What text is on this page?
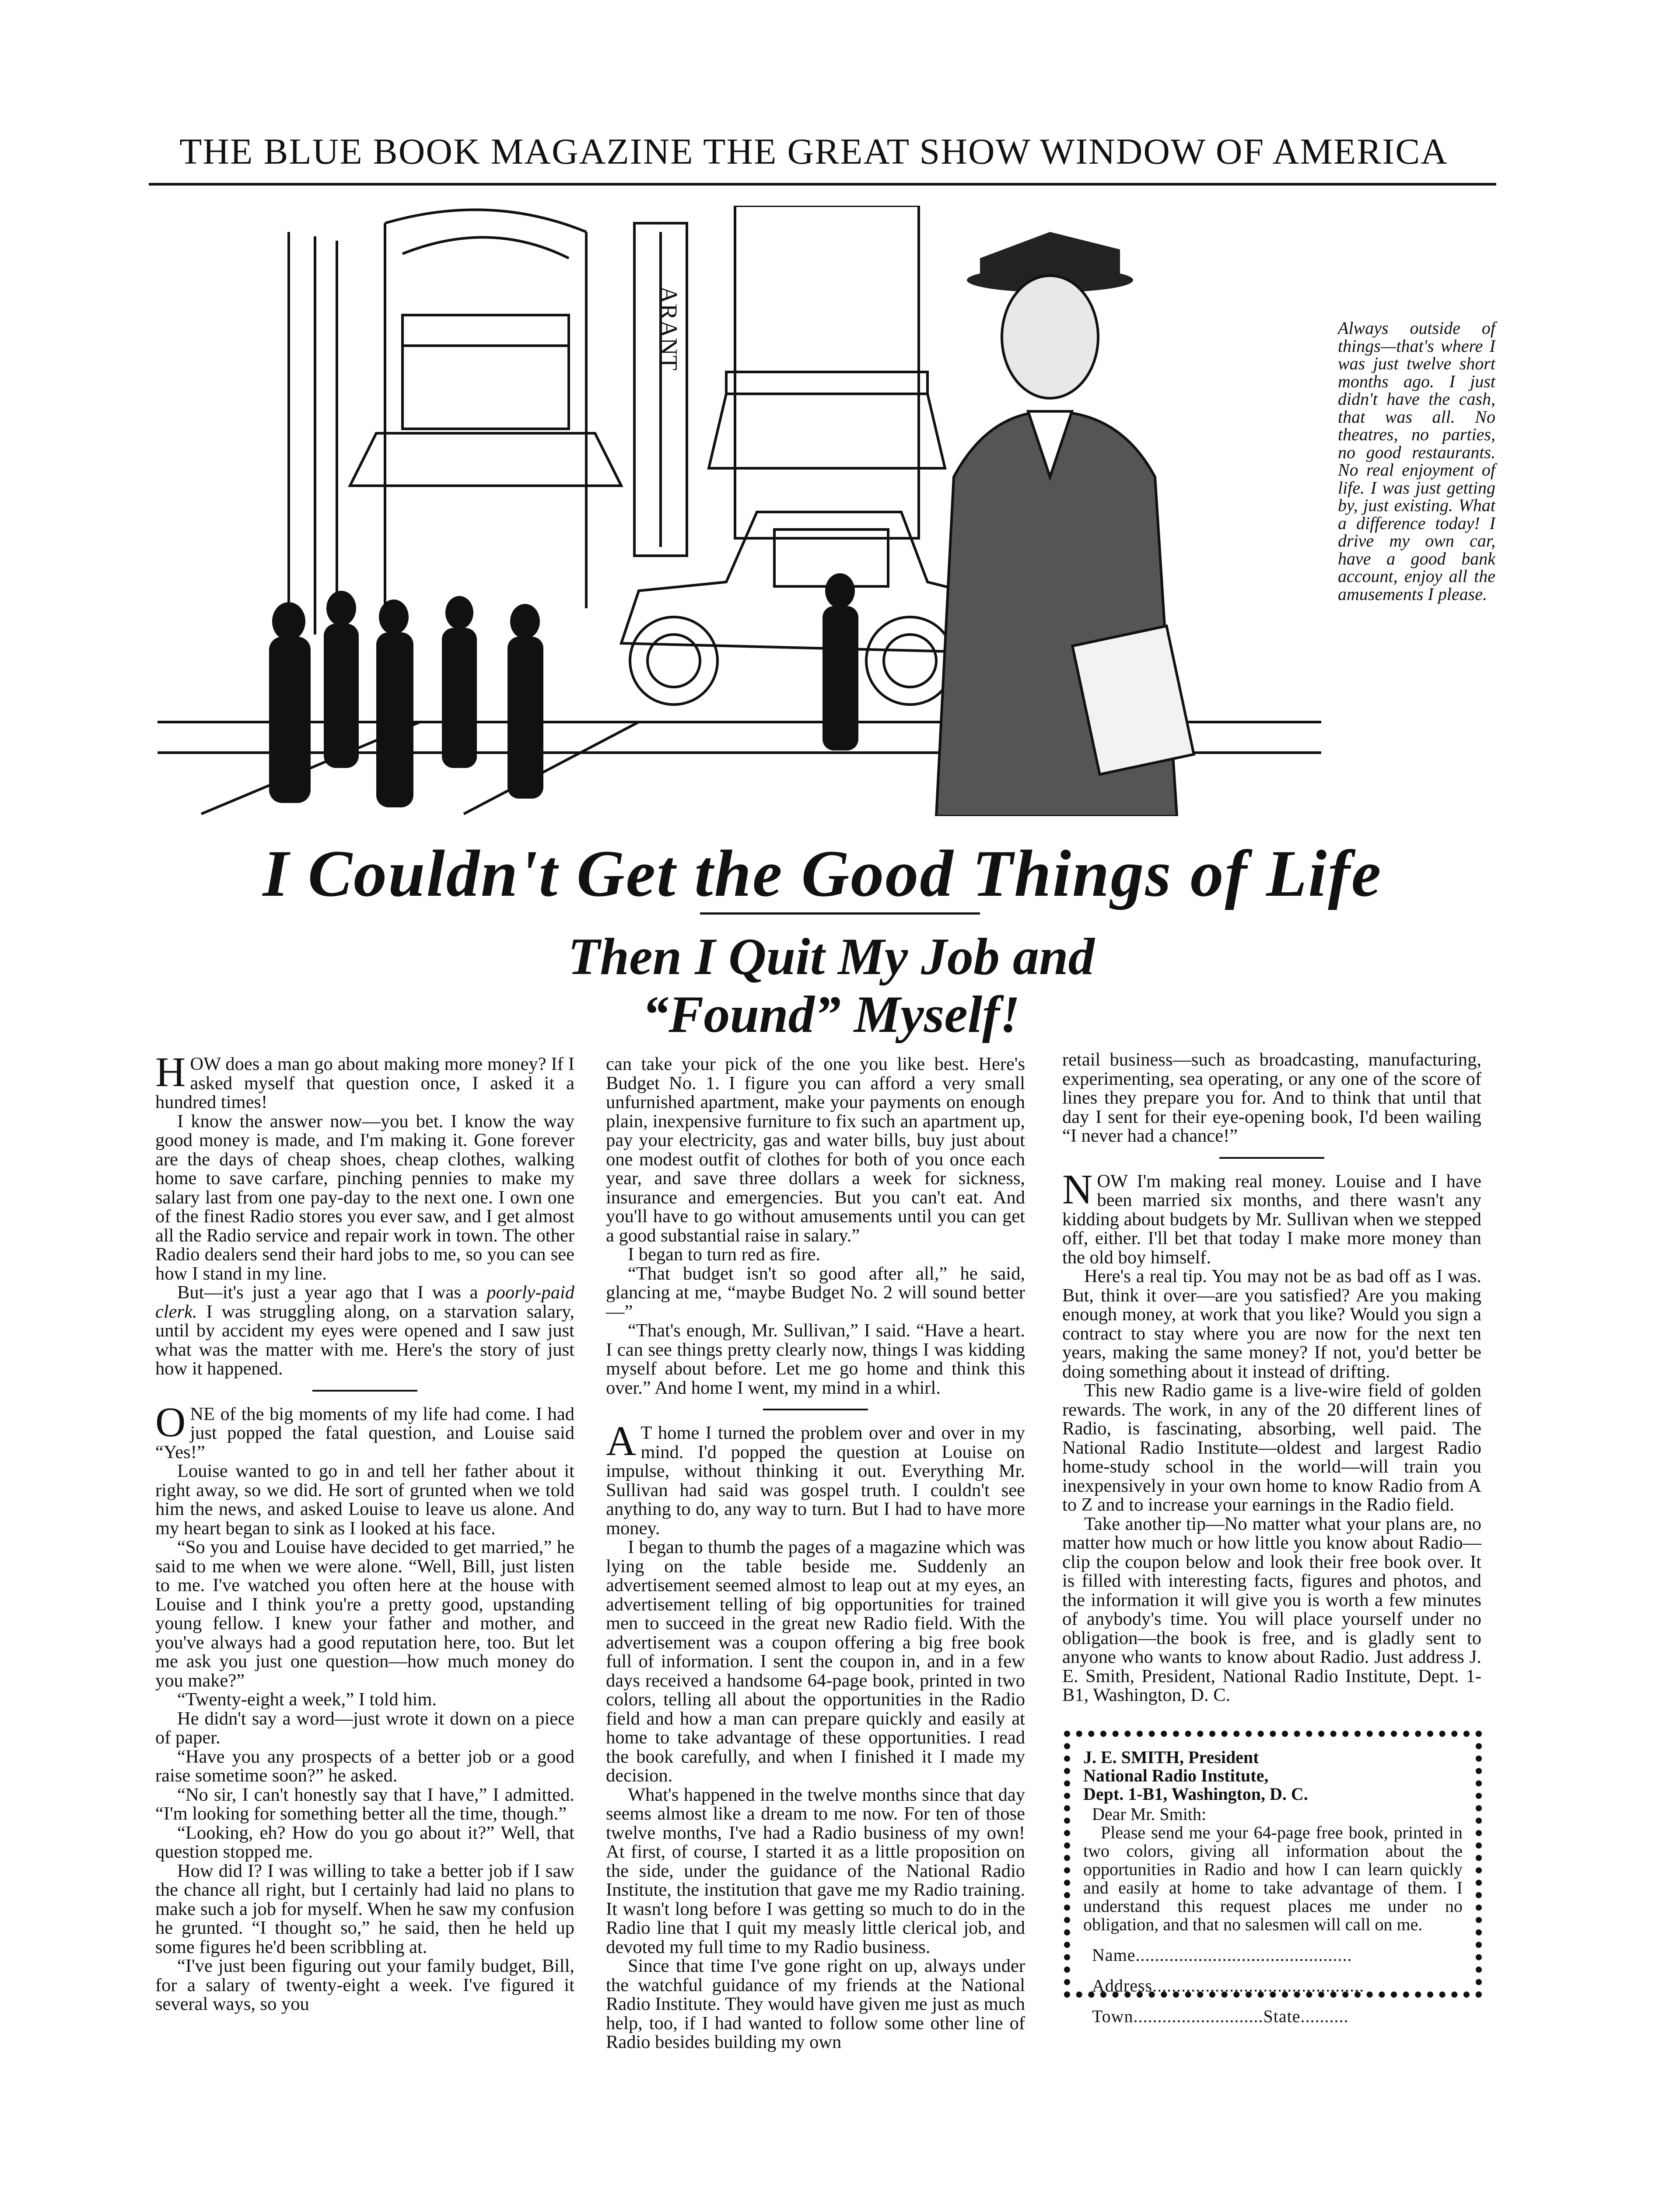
THE BLUE BOOK MAGAZINE THE GREAT SHOW WINDOW OF AMERICA
ARANT	Always outside of things—that's where I was just twelve short months ago. I just didn't have the cash, that was all. No theatres, no parties, no good restaurants. No real enjoyment of life. I was just getting by, just existing. What a difference today! I drive my own car, have a good bank account, enjoy all the amusements I please.

I Couldn't Get the Good Things of Life
Then I Quit My Job and
“Found” Myself!

HOW does a man go about making more money? If I asked myself that question once, I asked it a hundred times!

I know the answer now—you bet. I know the way good money is made, and I'm making it. Gone forever are the days of cheap shoes, cheap clothes, walking home to save carfare, pinching pennies to make my salary last from one pay-day to the next one. I own one of the finest Radio stores you ever saw, and I get almost all the Radio service and repair work in town. The other Radio dealers send their hard jobs to me, so you can see how I stand in my line.

But—it's just a year ago that I was a poorly-paid clerk. I was struggling along, on a starvation salary, until by accident my eyes were opened and I saw just what was the matter with me. Here's the story of just how it happened.

ONE of the big moments of my life had come. I had just popped the fatal question, and Louise said “Yes!”

Louise wanted to go in and tell her father about it right away, so we did. He sort of grunted when we told him the news, and asked Louise to leave us alone. And my heart began to sink as I looked at his face.

“So you and Louise have decided to get married,” he said to me when we were alone. “Well, Bill, just listen to me. I've watched you often here at the house with Louise and I think you're a pretty good, upstanding young fellow. I knew your father and mother, and you've always had a good reputation here, too. But let me ask you just one question—how much money do you make?”

“Twenty-eight a week,” I told him.

He didn't say a word—just wrote it down on a piece of paper.

“Have you any prospects of a better job or a good raise sometime soon?” he asked.

“No sir, I can't honestly say that I have,” I admitted. “I'm looking for something better all the time, though.”

“Looking, eh? How do you go about it?” Well, that question stopped me.

How did I? I was willing to take a better job if I saw the chance all right, but I certainly had laid no plans to make such a job for myself. When he saw my confusion he grunted. “I thought so,” he said, then he held up some figures he'd been scribbling at.

“I've just been figuring out your family budget, Bill, for a salary of twenty-eight a week. I've figured it several ways, so you

can take your pick of the one you like best. Here's Budget No. 1. I figure you can afford a very small unfurnished apartment, make your payments on enough plain, inexpensive furniture to fix such an apartment up, pay your electricity, gas and water bills, buy just about one modest outfit of clothes for both of you once each year, and save three dollars a week for sickness, insurance and emergencies. But you can't eat. And you'll have to go without amusements until you can get a good substantial raise in salary.”

I began to turn red as fire.

“That budget isn't so good after all,” he said, glancing at me, “maybe Budget No. 2 will sound better—”

“That's enough, Mr. Sullivan,” I said. “Have a heart. I can see things pretty clearly now, things I was kidding myself about before. Let me go home and think this over.” And home I went, my mind in a whirl.

A T home I turned the problem over and over in my mind. I'd popped the question at Louise on impulse, without thinking it out. Everything Mr. Sullivan had said was gospel truth. I couldn't see anything to do, any way to turn. But I had to have more money.

I began to thumb the pages of a magazine which was lying on the table beside me. Suddenly an advertisement seemed almost to leap out at my eyes, an advertisement telling of big opportunities for trained men to succeed in the great new Radio field. With the advertisement was a coupon offering a big free book full of information. I sent the coupon in, and in a few days received a handsome 64-page book, printed in two colors, telling all about the opportunities in the Radio field and how a man can prepare quickly and easily at home to take advantage of these opportunities. I read the book carefully, and when I finished it I made my decision.

What's happened in the twelve months since that day seems almost like a dream to me now. For ten of those twelve months, I've had a Radio business of my own! At first, of course, I started it as a little proposition on the side, under the guidance of the National Radio Institute, the institution that gave me my Radio training. It wasn't long before I was getting so much to do in the Radio line that I quit my measly little clerical job, and devoted my full time to my Radio business.

Since that time I've gone right on up, always under the watchful guidance of my friends at the National Radio Institute. They would have given me just as much help, too, if I had wanted to follow some other line of Radio besides building my own

retail business—such as broadcasting, manufacturing, experimenting, sea operating, or any one of the score of lines they prepare you for. And to think that until that day I sent for their eye-opening book, I'd been wailing “I never had a chance!”

NOW I'm making real money. Louise and I have been married six months, and there wasn't any kidding about budgets by Mr. Sullivan when we stepped off, either. I'll bet that today I make more money than the old boy himself.

Here's a real tip. You may not be as bad off as I was. But, think it over—are you satisfied? Are you making enough money, at work that you like? Would you sign a contract to stay where you are now for the next ten years, making the same money? If not, you'd better be doing something about it instead of drifting.

This new Radio game is a live-wire field of golden rewards. The work, in any of the 20 different lines of Radio, is fascinating, absorbing, well paid. The National Radio Institute—oldest and largest Radio home-study school in the world—will train you inexpensively in your own home to know Radio from A to Z and to increase your earnings in the Radio field.

Take another tip—No matter what your plans are, no matter how much or how little you know about Radio—clip the coupon below and look their free book over. It is filled with interesting facts, figures and photos, and the information it will give you is worth a few minutes of anybody's time. You will place yourself under no obligation—the book is free, and is gladly sent to anyone who wants to know about Radio. Just address J. E. Smith, President, National Radio Institute, Dept. 1-B1, Washington, D. C.

J. E. SMITH, President
National Radio Institute,
Dept. 1-B1, Washington, D. C.
Dear Mr. Smith:

Please send me your 64-page free book, printed in two colors, giving all information about the opportunities in Radio and how I can learn quickly and easily at home to take advantage of them. I understand this request places me under no obligation, and that no salesmen will call on me.

Name.............................................
Address............................................
Town...........................State..........
